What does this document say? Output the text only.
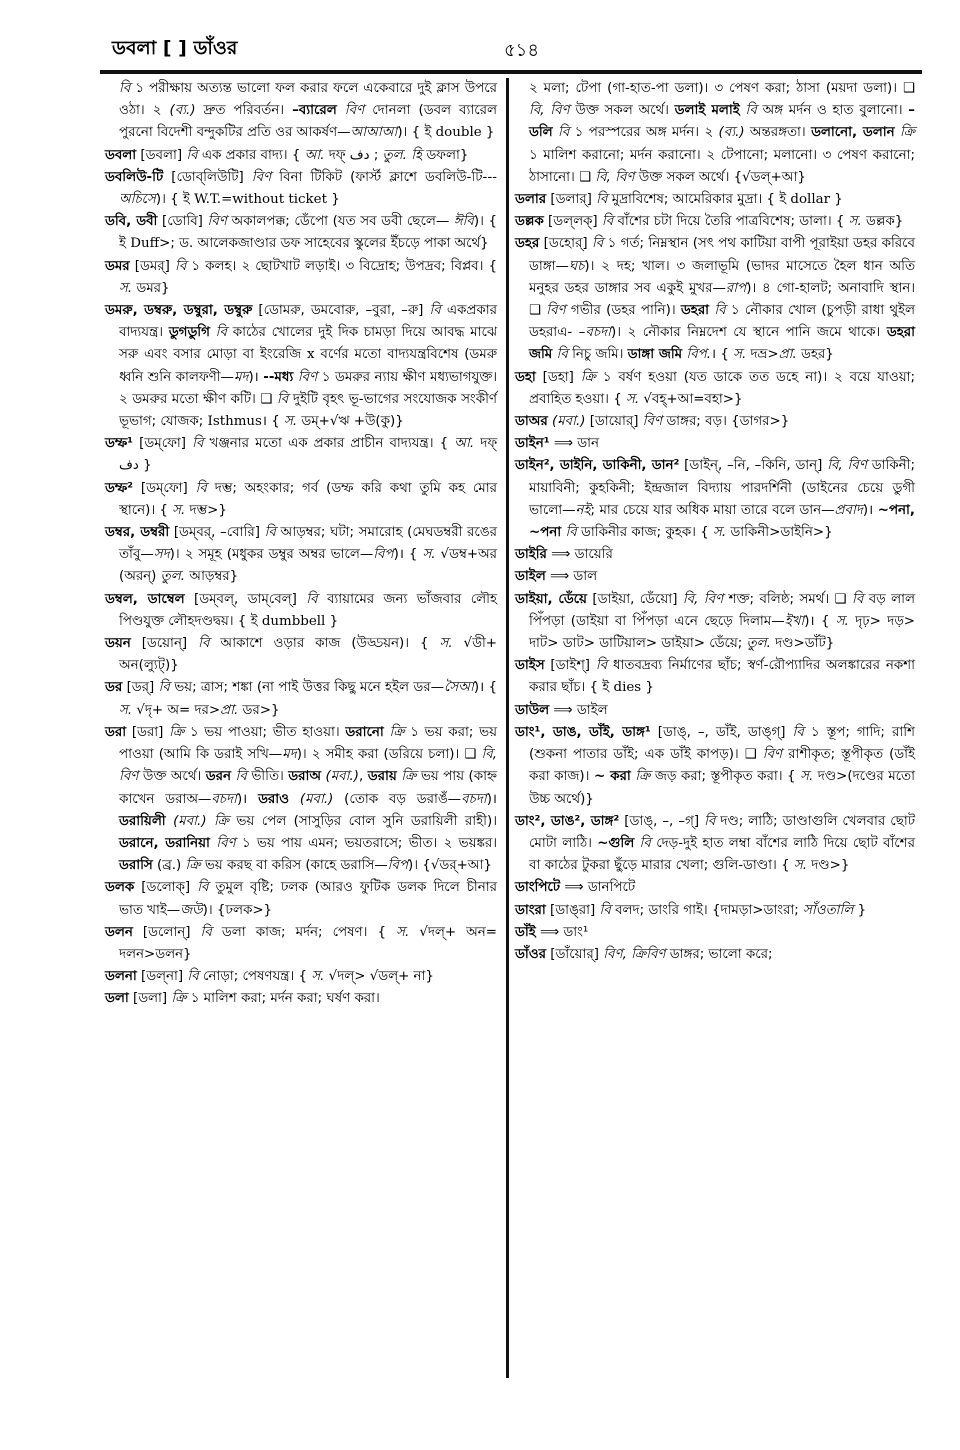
ডবলা [ ] ডাঁওর	৫১৪

বি ১ পরীক্ষায় অত্যন্ত ভালো ফল করার ফলে একেবারে দুই ক্লাস উপরে ওঠা। ২ (ব্য.) দ্রুত পরিবর্তন। –ব্যারেল বিণ দোনলা (ডবল ব্যারেল পুরনো বিদেশী বন্দুকটির প্রতি ওর আকর্ষণ—আআআ)। { ই double }

ডবলা [ডবলা] বি এক প্রকার বাদ্য। { আ. দফ্‌ دف ; তুল. হি ডফলা}

ডবলিউ-টি [ডোব্‌লিউটি] বিণ বিনা টিকিট (ফার্স্ট ক্লাশে ডবলিউ-টি---অচিসে)। { ই W.T.=without ticket }

ডবি, ডবী [ডোবি] বিণ অকালপক্ক; ডেঁপো (যত সব ডবী ছেলে— ঈবি)। { ই Duff>; ড. আলেকজাণ্ডার ডফ সাহেবের স্কুলের ইঁচড়ে পাকা অর্থে}

ডমর [ডমর্] বি ১ কলহ। ২ ছোটখাট লড়াই। ৩ বিদ্রোহ; উপদ্রব; বিপ্লব। { স. ডমর}

ডমরু, ডম্বরু, ডম্বুরা, ডম্বুরু [ডোমরু, ডমবোরু, –বুরা, –রু] বি একপ্রকার বাদ্যযন্ত্র। ডুগডুগি বি কাঠের খোলের দুই দিক চামড়া দিয়ে আবদ্ধ মাঝে সরু এবং বসার মোড়া বা ইংরেজি x বর্ণের মতো বাদ্যযন্ত্রবিশেষ (ডমরু ধ্বনি শুনি কালফণী—মদ)। --মধ্য বিণ ১ ডমরুর ন্যায় ক্ষীণ মধ্যভাগযুক্ত। ২ ডমরুর মতো ক্ষীণ কটি। ❑ বি দুইটি বৃহৎ ভূ-ভাগের সংযোজক সংকীর্ণ ভূভাগ; যোজক; Isthmus। { স. ডম্‌+√ঋ +উ(কু)}

ডম্ফ¹ [ডম্‌ফো] বি খঞ্জনার মতো এক প্রকার প্রাচীন বাদ্যযন্ত্র। { আ. দফ্‌ دف }

ডম্ফ² [ডম্‌ফো] বি দম্ভ; অহংকার; গর্ব (ডম্ফ করি কথা তুমি কহ মোর স্থানে)। { স. দম্ভ>}

ডম্বর, ডম্বরী [ডম্‌বর্‌, –বোরি] বি আড়ম্বর; ঘটা; সমারোহ (মেঘডম্বরী রঙের তাঁবু—সদ)। ২ সমূহ (মধুকর ডম্বুর অম্বর ভালে—বিপ)। { স. √ডম্ব+অর (অরন্‌) তুল. আড়ম্বর}

ডম্বল, ডাম্বেল [ডম্‌বল্‌, ডাম্‌বেল্‌] বি ব্যায়ামের জন্য ভাঁজবার লৌহ পিণ্ডযুক্ত লৌহদণ্ডদ্বয়। { ই dumbbell }

ডয়ন [ডয়োন্‌] বি আকাশে ওড়ার কাজ (উড্ডয়ন)। { স. √ডী+ অন(ল্যুট্‌)}

ডর [ডর্‌] বি ভয়; ত্রাস; শঙ্কা (না পাই উত্তর কিছু মনে হইল ডর—সৈআ)। { স. √দৃ+ অ= দর>প্রা. ডর>}

ডরা [ডরা] ক্রি ১ ভয় পাওয়া; ভীত হাওয়া। ডরানো ক্রি ১ ভয় করা; ভয় পাওয়া (আমি কি ডরাই সখি—মদ)। ২ সমীহ করা (ডরিয়ে চলা)। ❑ বি, বিণ উক্ত অর্থে। ডরন বি ভীতি। ডরাঅ (মবা.), ডরায় ক্রি ভয় পায় (কাহ্ন কাখেন ডরাঅ—বচদা)। ডরাও (মবা.) (তোক বড় ডরাঙঁ—বচদা)। ডরায়িলী (মবা.) ক্রি ভয় পেল (সাসুড়ির বোল সুনি ডরায়িলী রাহী)। ডরানে, ডরানিয়া বিণ ১ ভয় পায় এমন; ভয়তরাসে; ভীত। ২ ভয়ঙ্কর। ডরাসি (ব্র.) ক্রি ভয় করছ বা করিস (কাহে ডরাসি—বিপ)। {√ডর্‌+আ}

ডলক [ডলোক্‌] বি তুমুল বৃষ্টি; ঢলক (আরও ফুটিক ডলক দিলে চীনার ভাত খাই—জউ)। {ঢলক>}

ডলন [ডলোন্‌] বি ডলা কাজ; মর্দন; পেষণ। { স. √দল্‌+ অন= দলন>ডলন}

ডলনা [ডল্‌না] বি নোড়া; পেষণযন্ত্র। { স. √দল্‌> √ডল্‌+ না}

ডলা [ডলা] ক্রি ১ মালিশ করা; মর্দন করা; ঘর্ষণ করা।

২ মলা; টেপা (গা-হাত-পা ডলা)। ৩ পেষণ করা; ঠাসা (ময়দা ডলা)। ❑ বি, বিণ উক্ত সকল অর্থে। ডলাই মলাই বি অঙ্গ মর্দন ও হাত বুলানো। –ডলি বি ১ পরস্পরের অঙ্গ মর্দন। ২ (ব্য.) অন্তরঙ্গতা। ডলানো, ডলান ক্রি ১ মালিশ করানো; মর্দন করানো। ২ টেপানো; মলানো। ৩ পেষণ করানো; ঠাসানো। ❑ বি, বিণ উক্ত সকল অর্থে। {√ডল্‌+আ}

ডলার [ডলার্‌] বি মুদ্রাবিশেষ; আমেরিকার মুদ্রা। { ই dollar }

ডল্লক [ডল্‌লক্‌] বি বাঁশের চটা দিয়ে তৈরি পাত্রবিশেষ; ডালা। { স. ডল্লক}

ডহর [ডহোর্‌] বি ১ গর্ত; নিম্নস্থান (সৎ পথ কাটিয়া বাপী পূরাইয়া ডহর করিবে ডাঙ্গা—ঘচ)। ২ দহ; খাল। ৩ জলাভূমি (ভাদর মাসেতে হৈল ধান অতি মনুহর ডহর ডাঙ্গার সব একুই মুখর—রাপ)। ৪ গো-হালট; অনাবাদি স্থান। ❑ বিণ গভীর (ডহর পানি)। ডহরা বি ১ নৌকার খোল (চুপড়ী রাধা থুইল ডহরাএ- –বচদা)। ২ নৌকার নিম্নদেশ যে স্থানে পানি জমে থাকে। ডহরা জমি বি নিচু জমি। ডাঙ্গা জমি বিপ.। { স. দভ্র>প্রা. ডহর}

ডহা [ডহা] ক্রি ১ বর্ষণ হওয়া (যত ডাকে তত ডহে না)। ২ বয়ে যাওয়া; প্রবাহিত হওয়া। { স. √বহ্‌+আ=বহা>}

ডাঅর (মবা.) [ডায়োর্‌] বিণ ডাঙ্গর; বড়। {ডাগর>}

ডাইন¹ ⟹ ডান

ডাইন², ডাইনি, ডাকিনী, ডান² [ডাইন্‌, –নি, –কিনি, ডান্‌] বি, বিণ ডাকিনী; মায়াবিনী; কুহকিনী; ইন্দ্রজাল বিদ্যায় পারদর্শিনী (ডাইনের চেয়ে ডুগী ভালো—নই; মার চেয়ে যার অধিক মায়া তারে বলে ডান—প্রবাদ)। ~পনা, ~পনা বি ডাকিনীর কাজ; কুহক। { স. ডাকিনী>ডাইনি>}

ডাইরি ⟹ ডায়েরি

ডাইল ⟹ ডাল

ডাইয়া, ডেঁয়ে [ডাইয়া, ডেঁয়ো] বি, বিণ শক্ত; বলিষ্ঠ; সমর্থ। ❑ বি বড় লাল পিঁপড়া (ডাইয়া বা পিঁপড়া এনে ছেড়ে দিলাম—ইখা)। { স. দৃঢ়> দড়> দাট> ডাট> ডাটিয়াল> ডাইয়া> ডেঁয়ে; তুল. দণ্ড>ডাঁট}

ডাইস [ডাইশ্‌] বি ধাতবদ্রব্য নির্মাণের ছাঁচ; স্বর্ণ-রৌপ্যাদির অলঙ্কারের নকশা করার ছাঁচ। { ই dies }

ডাউল ⟹ ডাইল

ডাং¹, ডাঙ, ডাঁই, ডাঙ্গ¹ [ডাঙ্‌, –, ডাঁই, ডাঙ্‌গ্‌] বি ১ স্তূপ; গাদি; রাশি (শুকনা পাতার ডাঁই; এক ডাঁই কাপড়)। ❑ বিণ রাশীকৃত; স্তূপীকৃত (ডাঁই করা কাজ)। ~ করা ক্রি জড় করা; স্তূপীকৃত করা। { স. দণ্ড>(দণ্ডের মতো উচ্চ অর্থে)}

ডাং², ডাঙ², ডাঙ্গ² [ডাঙ্‌, –, –গ্‌] বি দণ্ড; লাঠি; ডাণ্ডাগুলি খেলবার ছোট মোটা লাঠি। ~গুলি বি দেড়-দুই হাত লম্বা বাঁশের লাঠি দিয়ে ছোট বাঁশের বা কাঠের টুকরা ছুঁড়ে মারার খেলা; গুলি-ডাণ্ডা। { স. দণ্ড>}

ডাংপিটে ⟹ ডানপিটে

ডাংরা [ডাঙ্‌রা] বি বলদ; ডাংরি গাই। {দামড়া>ডাংরা; সাঁওতালি }

ডাঁই ⟹ ডাং¹

ডাঁওর [ডাঁয়োর্‌] বিণ, ক্রিবিণ ডাঙ্গর; ভালো করে;
